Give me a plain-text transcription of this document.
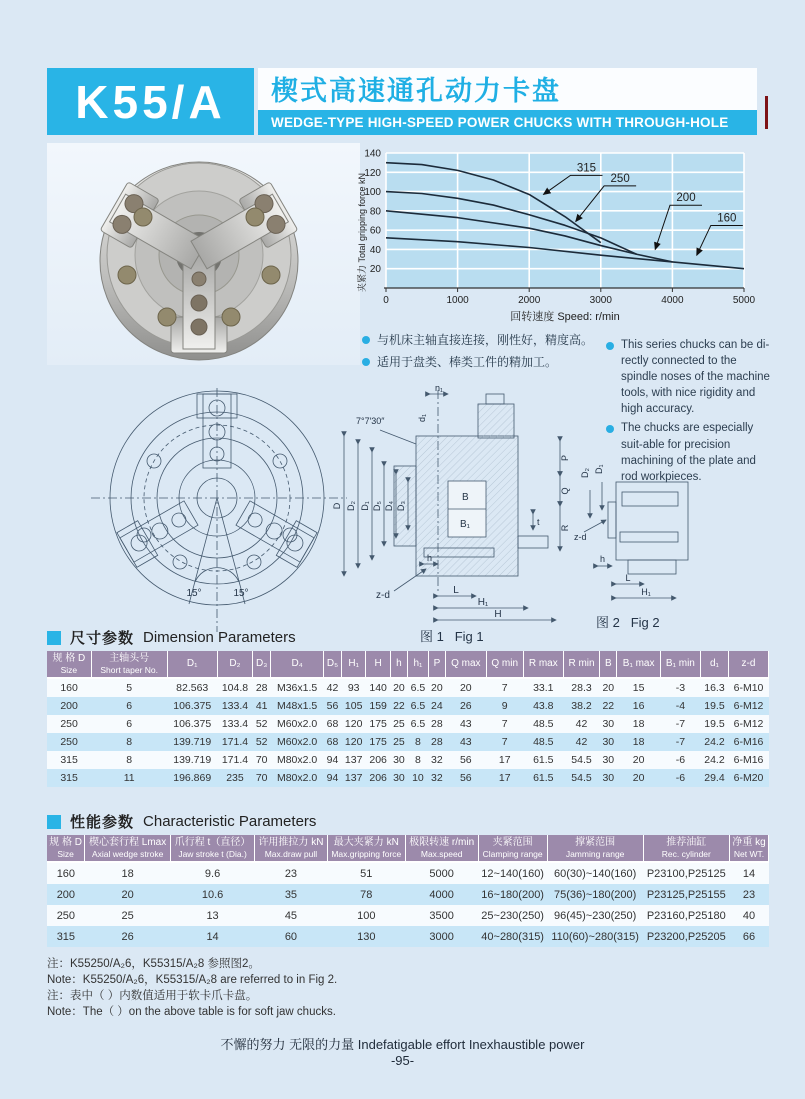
K55/A 楔式高速通孔动力卡盘
WEDGE-TYPE HIGH-SPEED POWER CHUCKS WITH THROUGH-HOLE
0	1000	2000	3000	4000	5000
20
40
60
80
100
120
140
回转速度 Speed: r/min
夹紧力 Total gripping force kN
315
250
200
160
与机床主轴直接连接，刚性好，精度高。
适用于盘类、棒类工件的精加工。
This series chucks can be di-rectly connected to the spindle noses of the machine tools, with nice rigidity and high accuracy.
The chucks are especially suit-able for precision machining of the plate and rod workpieces.
15°	15°
h₁
7°7′30″	d₁
D D₂ D₁ D₅ D₄ D₃
B
B₁
P
Q
R
t
h
z-d	L
H₁
H
图 1 Fig 1
D₂ D₁
z-d
h
L
H₁
图 2 Fig 2
尺寸参数 Dimension Parameters
规 格 D
Size

主轴头号
Short taper No.
	D₁	D₂	D₃	D₄	D₅	H₁	H	h	h₁	P	Q max	Q min	R max	R min	B	B₁ max	B₁ min	d₁	z-d
160	5	82.563	104.8	28	M36x1.5	42	93	140	20	6.5	20	20	7	33.1	28.3	20	15	-3	16.3	6-M10
200	6	106.375	133.4	41	M48x1.5	56	105	159	22	6.5	24	26	9	43.8	38.2	22	16	-4	19.5	6-M12
250	6	106.375	133.4	52	M60x2.0	68	120	175	25	6.5	28	43	7	48.5	42	30	18	-7	19.5	6-M12
250	8	139.719	171.4	52	M60x2.0	68	120	175	25	8	28	43	7	48.5	42	30	18	-7	24.2	6-M16
315	8	139.719	171.4	70	M80x2.0	94	137	206	30	8	32	56	17	61.5	54.5	30	20	-6	24.2	6-M16
315	11	196.869	235	70	M80x2.0	94	137	206	30	10	32	56	17	61.5	54.5	30	20	-6	29.4	6-M20
性能参数 Characteristic Parameters
规 格 D
Size

楔心套行程 Lmax
Axial wedge stroke

爪行程 t（直径）
Jaw stroke t (Dia.)

许用推拉力 kN
Max.draw pull

最大夹紧力 kN
Max.gripping force

极限转速 r/min
Max.speed

夹紧范围
Clamping range

撑紧范围
Jamming range

推荐油缸
Rec. cylinder

净重 kg
Net WT.

160	18	9.6	23	51	5000	12~140(160)	60(30)~140(160)	P23100,P25125	14
200	20	10.6	35	78	4000	16~180(200)	75(36)~180(200)	P23125,P25155	23
250	25	13	45	100	3500	25~230(250)	96(45)~230(250)	P23160,P25180	40
315	26	14	60	130	3000	40~280(315)	110(60)~280(315)	P23200,P25205	66
注：K55250/A₂6，K55315/A₂8 参照图2。
Note：K55250/A₂6，K55315/A₂8 are referred to in Fig 2.
注：表中（ ）内数值适用于软卡爪卡盘。
Note：The（ ）on the above table is for soft jaw chucks.
不懈的努力 无限的力量 Indefatigable effort Inexhaustible power
-95-
